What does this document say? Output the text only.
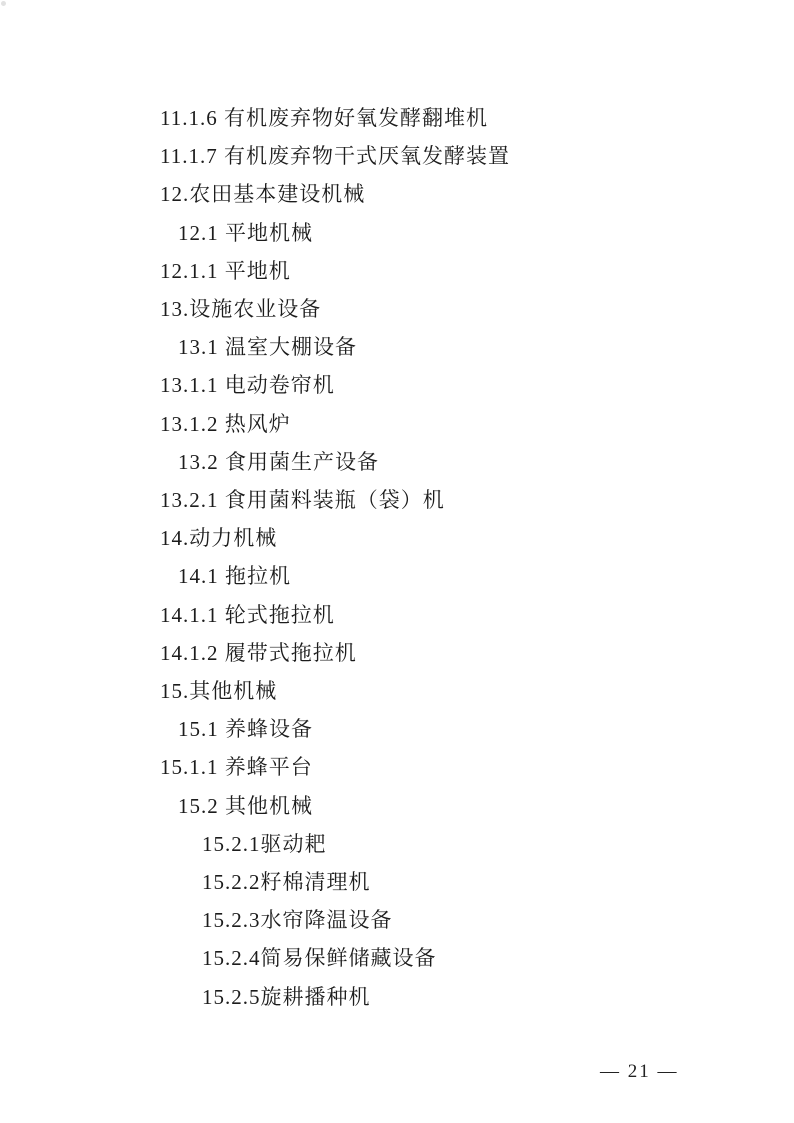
11.1.6 有机废弃物好氧发酵翻堆机
11.1.7 有机废弃物干式厌氧发酵装置
12.农田基本建设机械
12.1 平地机械
12.1.1 平地机
13.设施农业设备
13.1 温室大棚设备
13.1.1 电动卷帘机
13.1.2 热风炉
13.2 食用菌生产设备
13.2.1 食用菌料装瓶（袋）机
14.动力机械
14.1 拖拉机
14.1.1 轮式拖拉机
14.1.2 履带式拖拉机
15.其他机械
15.1 养蜂设备
15.1.1 养蜂平台
15.2 其他机械
15.2.1驱动耙
15.2.2籽棉清理机
15.2.3水帘降温设备
15.2.4简易保鲜储藏设备
15.2.5旋耕播种机

— 21 —
